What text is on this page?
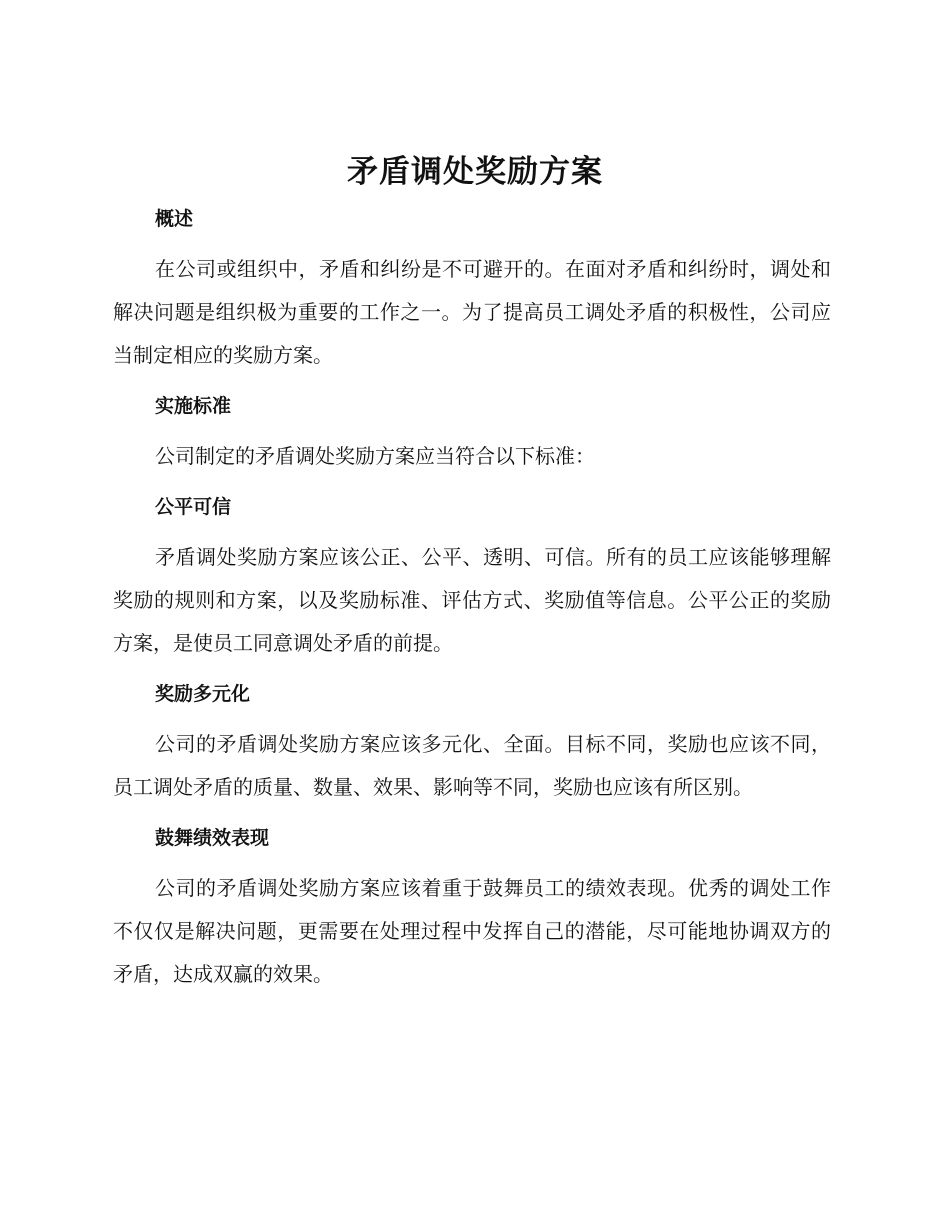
矛盾调处奖励方案
概述

在公司或组织中，矛盾和纠纷是不可避开的。在面对矛盾和纠纷时，调处和解决问题是组织极为重要的工作之一。为了提高员工调处矛盾的积极性，公司应当制定相应的奖励方案。

实施标准

公司制定的矛盾调处奖励方案应当符合以下标准：

公平可信

矛盾调处奖励方案应该公正、公平、透明、可信。所有的员工应该能够理解奖励的规则和方案，以及奖励标准、评估方式、奖励值等信息。公平公正的奖励方案，是使员工同意调处矛盾的前提。

奖励多元化

公司的矛盾调处奖励方案应该多元化、全面。目标不同，奖励也应该不同，员工调处矛盾的质量、数量、效果、影响等不同，奖励也应该有所区别。

鼓舞绩效表现

公司的矛盾调处奖励方案应该着重于鼓舞员工的绩效表现。优秀的调处工作不仅仅是解决问题，更需要在处理过程中发挥自己的潜能，尽可能地协调双方的矛盾，达成双赢的效果。
